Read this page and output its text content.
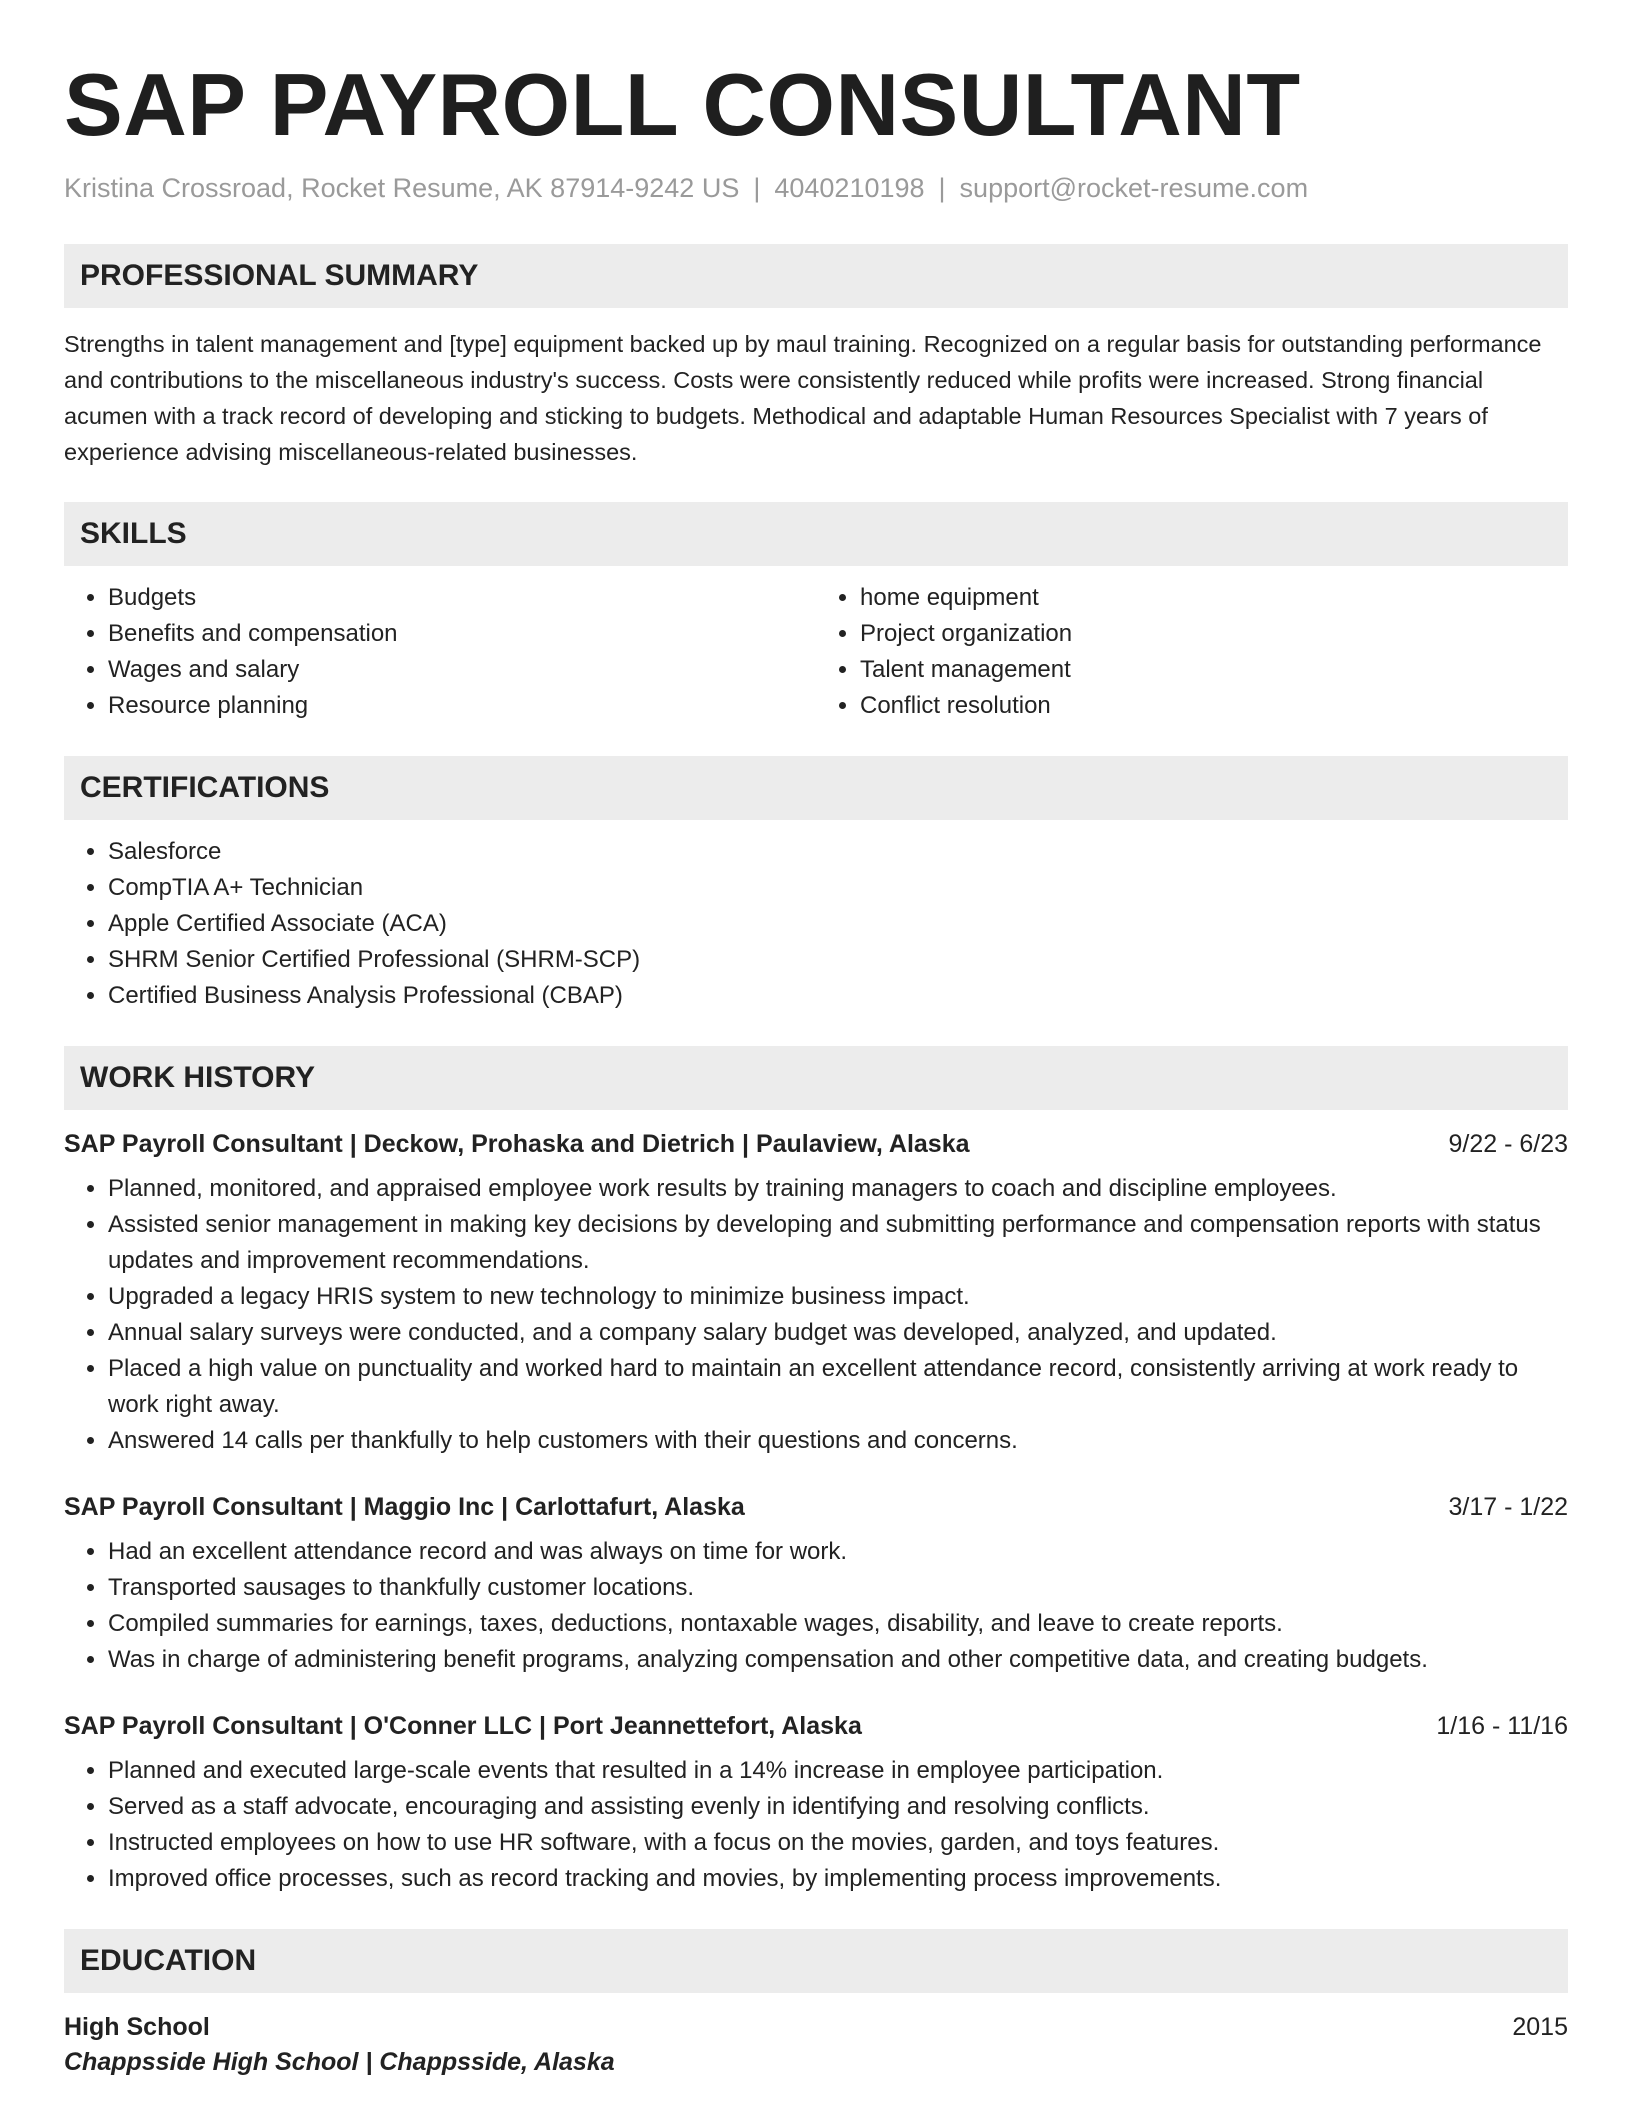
SAP PAYROLL CONSULTANT
Kristina Crossroad, Rocket Resume, AK 87914-9242 US | 4040210198 | support@rocket-resume.com
PROFESSIONAL SUMMARY
Strengths in talent management and [type] equipment backed up by maul training. Recognized on a regular basis for outstanding performance and contributions to the miscellaneous industry's success. Costs were consistently reduced while profits were increased. Strong financial acumen with a track record of developing and sticking to budgets. Methodical and adaptable Human Resources Specialist with 7 years of experience advising miscellaneous-related businesses.
SKILLS
• Budgets
• Benefits and compensation
• Wages and salary
• Resource planning
• home equipment
• Project organization
• Talent management
• Conflict resolution
CERTIFICATIONS
• Salesforce
• CompTIA A+ Technician
• Apple Certified Associate (ACA)
• SHRM Senior Certified Professional (SHRM-SCP)
• Certified Business Analysis Professional (CBAP)
WORK HISTORY
SAP Payroll Consultant | Deckow, Prohaska and Dietrich | Paulaview, Alaska	9/22 - 6/23
• Planned, monitored, and appraised employee work results by training managers to coach and discipline employees.
• Assisted senior management in making key decisions by developing and submitting performance and compensation reports with status updates and improvement recommendations.
• Upgraded a legacy HRIS system to new technology to minimize business impact.
• Annual salary surveys were conducted, and a company salary budget was developed, analyzed, and updated.
• Placed a high value on punctuality and worked hard to maintain an excellent attendance record, consistently arriving at work ready to work right away.
• Answered 14 calls per thankfully to help customers with their questions and concerns.
SAP Payroll Consultant | Maggio Inc | Carlottafurt, Alaska	3/17 - 1/22
• Had an excellent attendance record and was always on time for work.
• Transported sausages to thankfully customer locations.
• Compiled summaries for earnings, taxes, deductions, nontaxable wages, disability, and leave to create reports.
• Was in charge of administering benefit programs, analyzing compensation and other competitive data, and creating budgets.
SAP Payroll Consultant | O'Conner LLC | Port Jeannettefort, Alaska	1/16 - 11/16
• Planned and executed large-scale events that resulted in a 14% increase in employee participation.
• Served as a staff advocate, encouraging and assisting evenly in identifying and resolving conflicts.
• Instructed employees on how to use HR software, with a focus on the movies, garden, and toys features.
• Improved office processes, such as record tracking and movies, by implementing process improvements.
EDUCATION
High School	2015
Chappsside High School | Chappsside, Alaska
